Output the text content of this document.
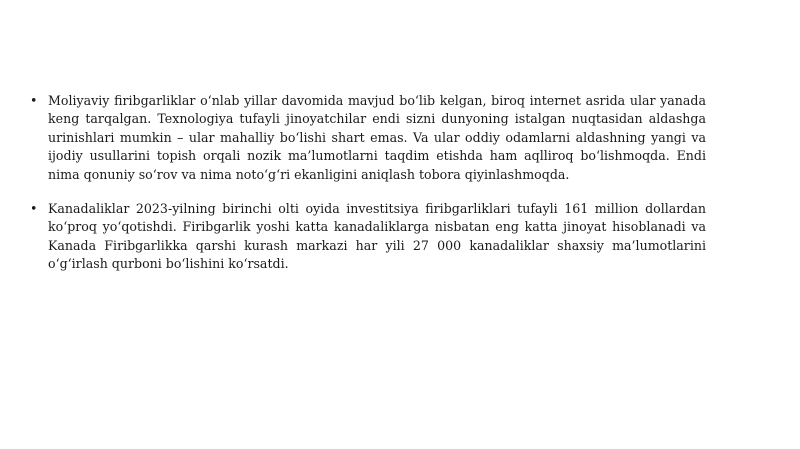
• Moliyaviy firibgarliklar o‘nlab yillar davomida mavjud bo‘lib kelgan, biroq internet asrida ular yanada keng tarqalgan. Texnologiya tufayli jinoyatchilar endi sizni dunyoning istalgan nuqtasidan aldashga urinishlari mumkin – ular mahalliy bo‘lishi shart emas. Va ular oddiy odamlarni aldashning yangi va ijodiy usullarini topish orqali nozik ma’lumotlarni taqdim etishda ham aqlliroq bo‘lishmoqda. Endi nima qonuniy so‘rov va nima noto‘g‘ri ekanligini aniqlash tobora qiyinlashmoqda.
• Kanadaliklar 2023-yilning birinchi olti oyida investitsiya firibgarliklari tufayli 161 million dollardan ko‘proq yo‘qotishdi. Firibgarlik yoshi katta kanadaliklarga nisbatan eng katta jinoyat hisoblanadi va Kanada Firibgarlikka qarshi kurash markazi har yili 27 000 kanadaliklar shaxsiy ma’lumotlarini o‘g‘irlash qurboni bo‘lishini ko‘rsatdi.
